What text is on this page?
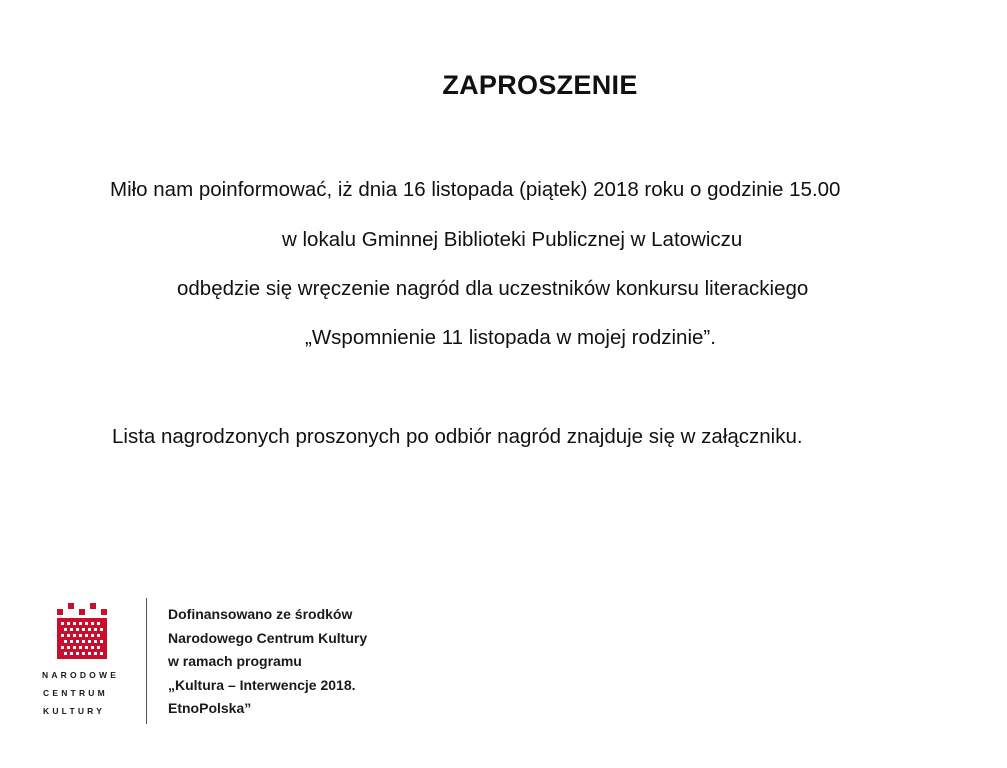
ZAPROSZENIE
Miło nam poinformować, iż dnia 16 listopada (piątek) 2018 roku o godzinie 15.00
w lokalu Gminnej Biblioteki Publicznej w Latowiczu
odbędzie się wręczenie nagród dla uczestników konkursu literackiego
„Wspomnienie 11 listopada w mojej rodzinie”.
Lista nagrodzonych proszonych po odbiór nagród znajduje się w załączniku.
NARODOWE
CENTRUM
KULTURY
Dofinansowano ze środków
Narodowego Centrum Kultury
w ramach programu
„Kultura – Interwencje 2018.
EtnoPolska”
